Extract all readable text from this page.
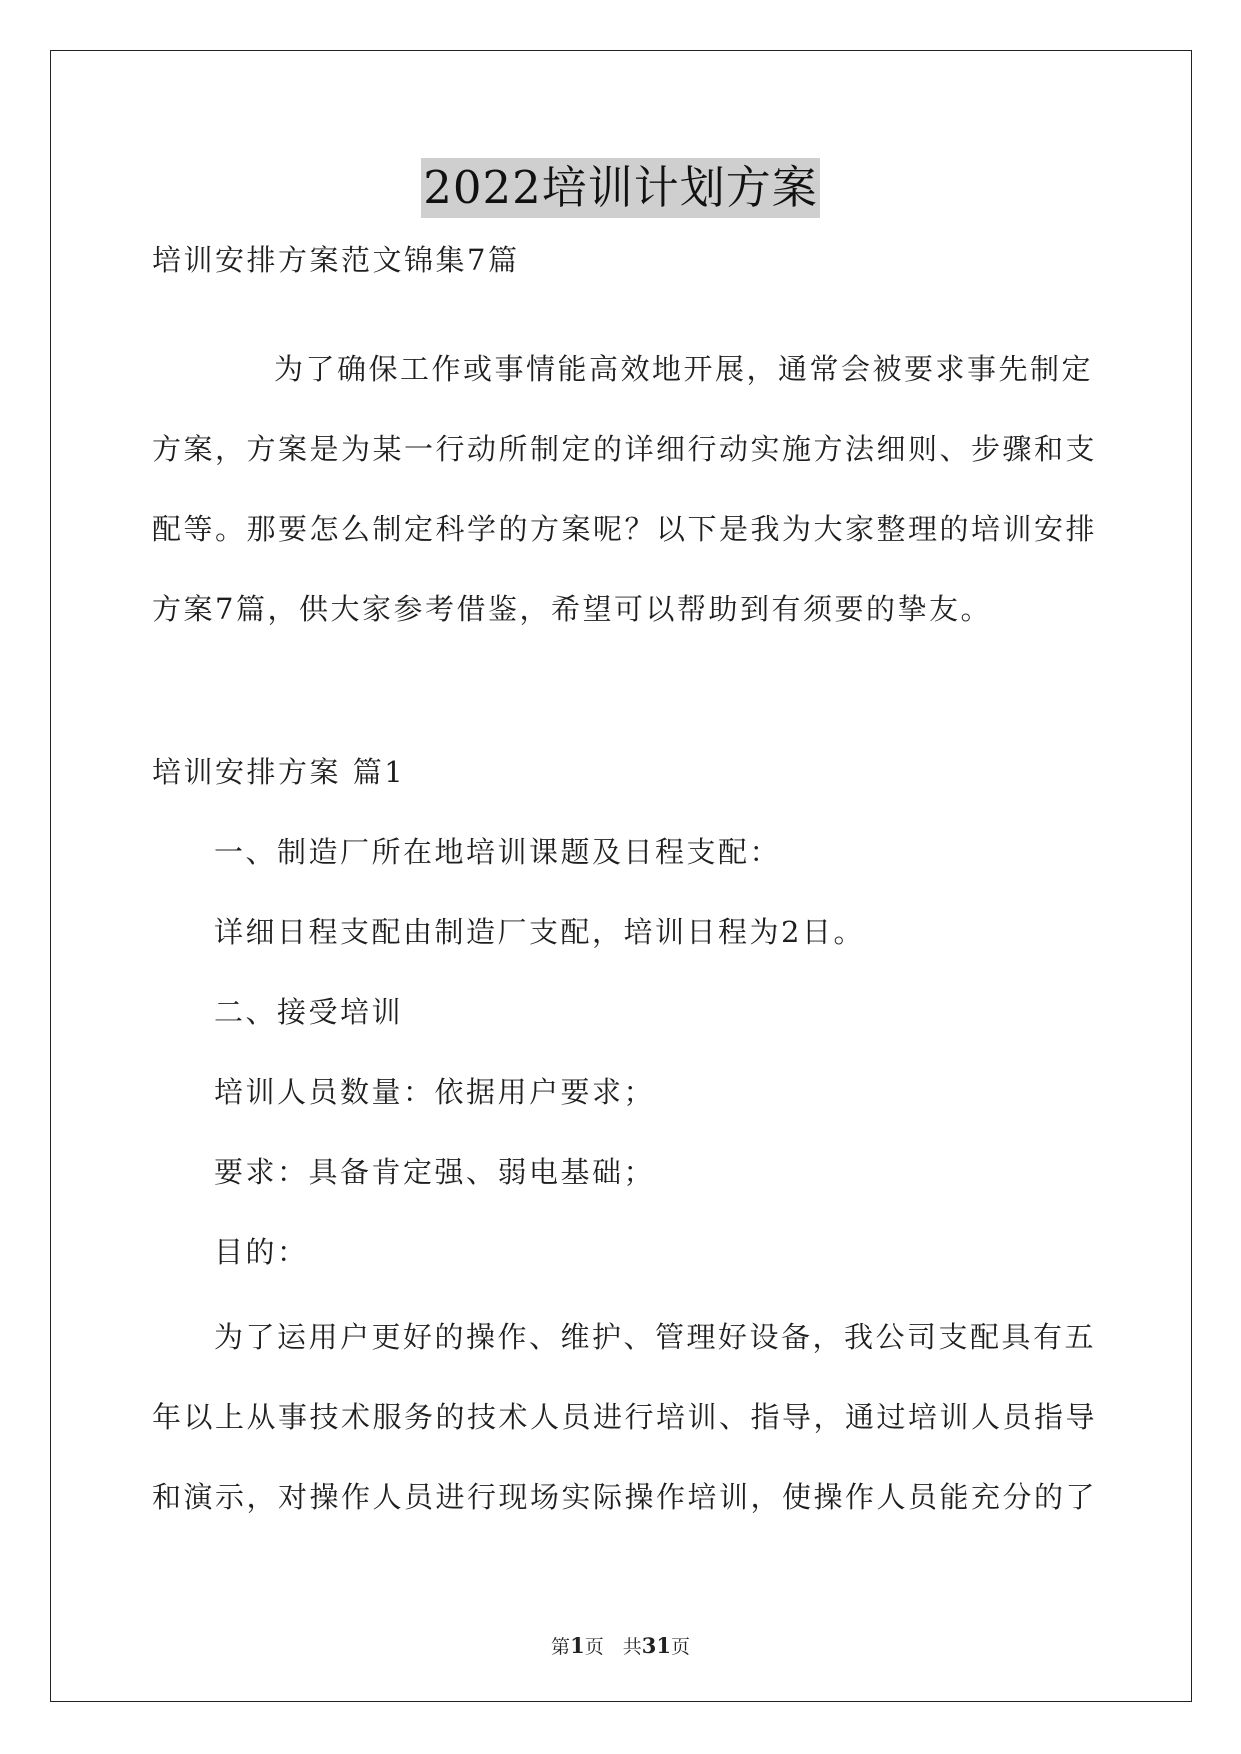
2022培训计划方案
培训安排方案范文锦集7篇
为了确保工作或事情能高效地开展，通常会被要求事先制定
方案，方案是为某一行动所制定的详细行动实施方法细则、步骤和支
配等。那要怎么制定科学的方案呢？以下是我为大家整理的培训安排
方案7篇，供大家参考借鉴，希望可以帮助到有须要的挚友。
培训安排方案 篇1
一、制造厂所在地培训课题及日程支配：
详细日程支配由制造厂支配，培训日程为2日。
二、接受培训
培训人员数量：依据用户要求；
要求：具备肯定强、弱电基础；
目的：
为了运用户更好的操作、维护、管理好设备，我公司支配具有五
年以上从事技术服务的技术人员进行培训、指导，通过培训人员指导
和演示，对操作人员进行现场实际操作培训，使操作人员能充分的了
第1页　共31页
